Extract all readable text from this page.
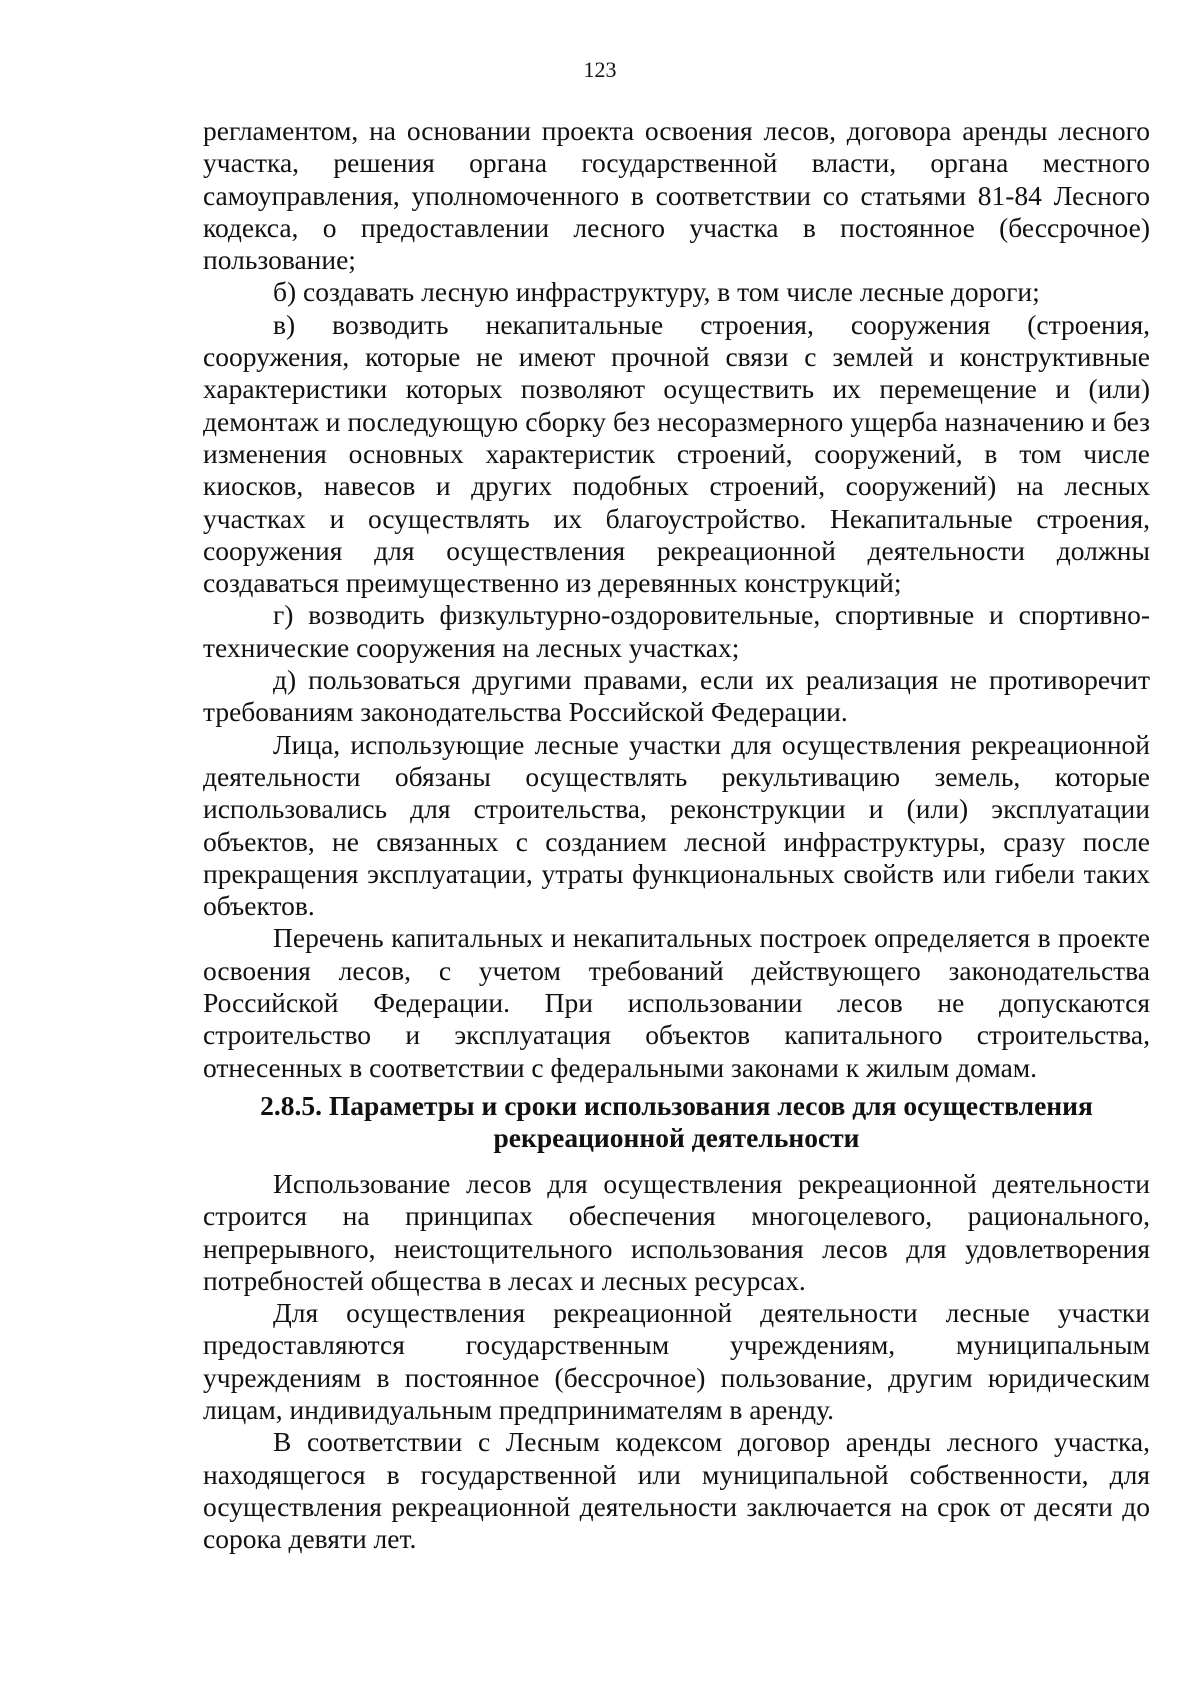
123

регламентом, на основании проекта освоения лесов, договора аренды лесного участка, решения органа государственной власти, органа местного самоуправления, уполномоченного в соответствии со статьями 81-84 Лесного кодекса, о предоставлении лесного участка в постоянное (бессрочное) пользование;

б) создавать лесную инфраструктуру, в том числе лесные дороги;

в) возводить некапитальные строения, сооружения (строения, сооружения, которые не имеют прочной связи с землей и конструктивные характеристики которых позволяют осуществить их перемещение и (или) демонтаж и последующую сборку без несоразмерного ущерба назначению и без изменения основных характеристик строений, сооружений, в том числе киосков, навесов и других подобных строений, сооружений) на лесных участках и осуществлять их благоустройство. Некапитальные строения, сооружения для осуществления рекреационной деятельности должны создаваться преимущественно из деревянных конструкций;

г) возводить физкультурно-оздоровительные, спортивные и спортивно-технические сооружения на лесных участках;

д) пользоваться другими правами, если их реализация не противоречит требованиям законодательства Российской Федерации.

Лица, использующие лесные участки для осуществления рекреационной деятельности обязаны осуществлять рекультивацию земель, которые использовались для строительства, реконструкции и (или) эксплуатации объектов, не связанных с созданием лесной инфраструктуры, сразу после прекращения эксплуатации, утраты функциональных свойств или гибели таких объектов.

Перечень капитальных и некапитальных построек определяется в проекте освоения лесов, с учетом требований действующего законодательства Российской Федерации. При использовании лесов не допускаются строительство и эксплуатация объектов капитального строительства, отнесенных в соответствии с федеральными законами к жилым домам.

2.8.5. Параметры и сроки использования лесов для осуществления
рекреационной деятельности

Использование лесов для осуществления рекреационной деятельности строится на принципах обеспечения многоцелевого, рационального, непрерывного, неистощительного использования лесов для удовлетворения потребностей общества в лесах и лесных ресурсах.

Для осуществления рекреационной деятельности лесные участки предоставляются государственным учреждениям, муниципальным учреждениям в постоянное (бессрочное) пользование, другим юридическим лицам, индивидуальным предпринимателям в аренду.

В соответствии с Лесным кодексом договор аренды лесного участка, находящегося в государственной или муниципальной собственности, для осуществления рекреационной деятельности заключается на срок от десяти до сорока девяти лет.
